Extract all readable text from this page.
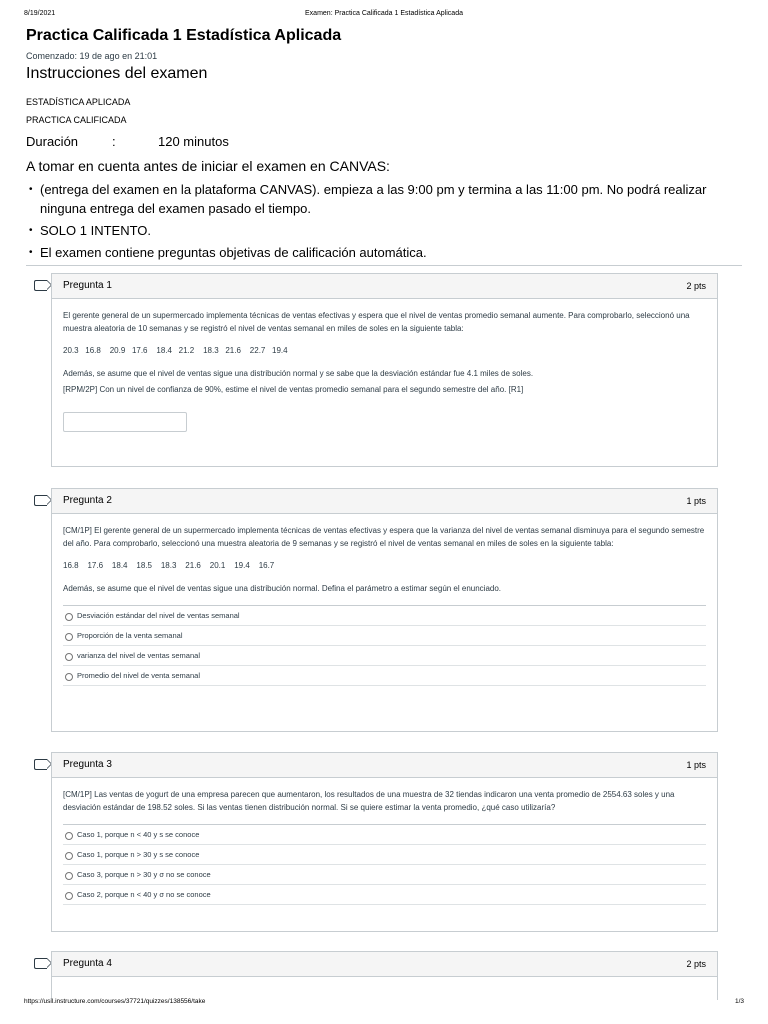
8/19/2021	Examen: Practica Calificada 1 Estadística Aplicada
Practica Calificada 1 Estadística Aplicada
Comenzado: 19 de ago en 21:01
Instrucciones del examen
ESTADÍSTICA APLICADA
PRACTICA CALIFICADA
Duración	:	120 minutos
A tomar en cuenta antes de iniciar el examen en CANVAS:
• (entrega del examen en la plataforma CANVAS). empieza a las 9:00 pm y termina a las 11:00 pm. No podrá realizar ninguna entrega del examen pasado el tiempo.
• SOLO 1 INTENTO.
• El examen contiene preguntas objetivas de calificación automática.
Pregunta 1	2 pts

El gerente general de un supermercado implementa técnicas de ventas efectivas y espera que el nivel de ventas promedio semanal aumente. Para comprobarlo, seleccionó una muestra aleatoria de 10 semanas y se registró el nivel de ventas semanal en miles de soles en la siguiente tabla:

20.3   16.8    20.9   17.6    18.4   21.2    18.3   21.6    22.7   19.4

Además, se asume que el nivel de ventas sigue una distribución normal y se sabe que la desviación estándar fue 4.1 miles de soles.

[RPM/2P] Con un nivel de confianza de 90%, estime el nivel de ventas promedio semanal para el segundo semestre del año. [R1]

Pregunta 2	1 pts

[CM/1P] El gerente general de un supermercado implementa técnicas de ventas efectivas y espera que la varianza del nivel de ventas semanal disminuya para el segundo semestre del año. Para comprobarlo, seleccionó una muestra aleatoria de 9 semanas y se registró el nivel de ventas semanal en miles de soles en la siguiente tabla:

16.8    17.6    18.4    18.5    18.3    21.6    20.1    19.4    16.7

Además, se asume que el nivel de ventas sigue una distribución normal. Defina el parámetro a estimar según el enunciado.

Desviación estándar del nivel de ventas semanal
Proporción de la venta semanal
varianza del nivel de ventas semanal
Promedio del nivel de venta semanal
Pregunta 3	1 pts

[CM/1P] Las ventas de yogurt de una empresa parecen que aumentaron, los resultados de una muestra de 32 tiendas indicaron una venta promedio de 2554.63 soles y una desviación estándar de 198.52 soles. Si las ventas tienen distribución normal. Si se quiere estimar la venta promedio, ¿qué caso utilizaría?

Caso 1, porque n < 40 y s se conoce
Caso 1, porque n > 30 y s se conoce
Caso 3, porque n > 30 y σ no se conoce
Caso 2, porque n < 40 y σ no se conoce
Pregunta 4	2 pts
https://usil.instructure.com/courses/37721/quizzes/138556/take	1/3
